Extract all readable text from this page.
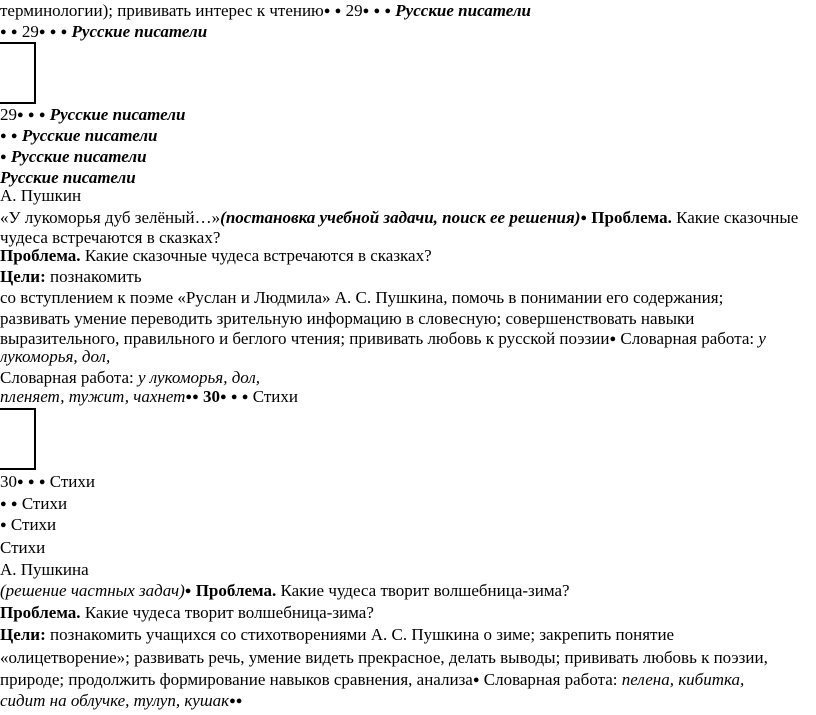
терминологии); прививать интерес к чтению● ● 29● ● ● Русские писатели
● ● 29● ● ● Русские писатели
29● ● ● Русские писатели
● ● Русские писатели
● Русские писатели
Русские писатели
А. Пушкин
«У лукоморья дуб зелёный…»(постановка учебной задачи, поиск ее решения)● Проблема. Какие сказочные
чудеса встречаются в сказках?
Проблема. Какие сказочные чудеса встречаются в сказках?
Цели: познакомить
со вступлением к поэме «Руслан и Людмила» А. С. Пушкина, помочь в понимании его содержания;
развивать умение переводить зрительную информацию в словесную; совершенствовать навыки
выразительного, правильного и беглого чтения; прививать любовь к русской поэзии● Словарная работа: у
лукоморья, дол,
Словарная работа: у лукоморья, дол,
пленяет, тужит, чахнет●● 30● ● ● Стихи
30● ● ● Стихи
● ● Стихи
● Стихи
Стихи
А. Пушкина
(решение частных задач)● Проблема. Какие чудеса творит волшебница-зима?
Проблема. Какие чудеса творит волшебница-зима?
Цели: познакомить учащихся со стихотворениями А. С. Пушкина о зиме; закрепить понятие
«олицетворение»; развивать речь, умение видеть прекрасное, делать выводы; прививать любовь к поэзии,
природе; продолжить формирование навыков сравнения, анализа● Словарная работа: пелена, кибитка,
сидит на облучке, тулуп, кушак●●
